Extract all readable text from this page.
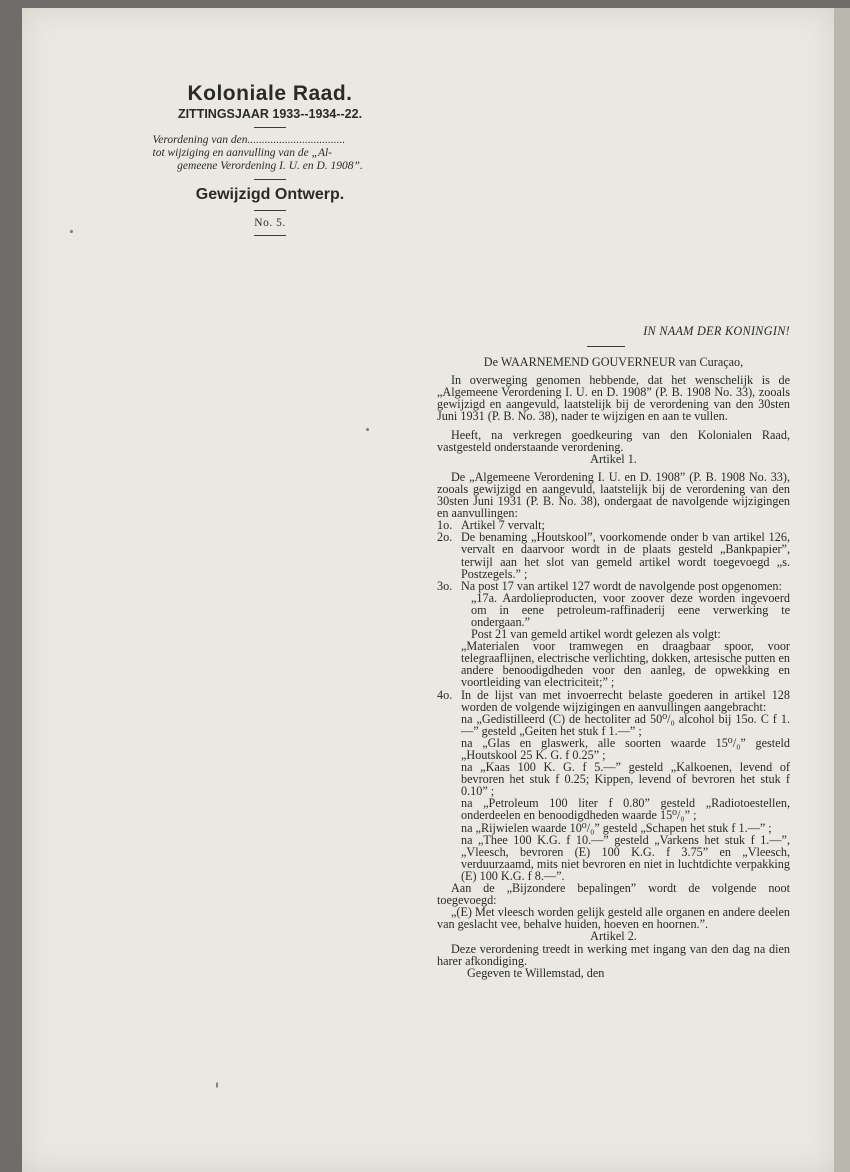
Koloniale Raad.
ZITTINGSJAAR 1933--1934--22.
Verordening van den..................................
tot wijziging en aanvulling van de „Al-
gemeene Verordening I. U. en D. 1908”.
Gewijzigd Ontwerp.
No. 5.

IN NAAM DER KONINGIN!

De WAARNEMEND GOUVERNEUR van Curaçao,

In overweging genomen hebbende, dat het wenschelijk is de „Algemeene Verordening I. U. en D. 1908” (P. B. 1908 No. 33), zooals gewijzigd en aangevuld, laatstelijk bij de verordening van den 30sten Juni 1931 (P. B. No. 38), nader te wijzigen en aan te vullen.

Heeft, na verkregen goedkeuring van den Kolonialen Raad, vastgesteld onderstaande verordening.

Artikel 1.

De „Algemeene Verordening I. U. en D. 1908” (P. B. 1908 No. 33), zooals gewijzigd en aangevuld, laatstelijk bij de verordening van den 30sten Juni 1931 (P. B. No. 38), ondergaat de navolgende wijzigingen en aanvullingen:

1o. Artikel 7 vervalt;
2o. De benaming „Houtskool”, voorkomende onder b van artikel 126, vervalt en daarvoor wordt in de plaats gesteld „Bankpapier”, terwijl aan het slot van gemeld artikel wordt toegevoegd „s. Postzegels.” ;
3o. Na post 17 van artikel 127 wordt de navolgende post opgenomen:

„17a. Aardolieproducten, voor zoover deze worden ingevoerd om in eene petroleum-raffinaderij eene verwerking te ondergaan.”

Post 21 van gemeld artikel wordt gelezen als volgt:

„Materialen voor tramwegen en draagbaar spoor, voor telegraaflijnen, electrische verlichting, dokken, artesische putten en andere benoodigdheden voor den aanleg, de opwekking en voortleiding van electriciteit;” ;

4o. In de lijst van met invoerrecht belaste goederen in artikel 128 worden de volgende wijzigingen en aanvullingen aangebracht:

na „Gedistilleerd (C) de hectoliter ad 50⁰/₀ alcohol bij 15o. C f 1.—” gesteld „Geiten het stuk f 1.—” ;

na „Glas en glaswerk, alle soorten waarde 15⁰/₀” gesteld „Houtskool 25 K. G. f 0.25” ;

na „Kaas 100 K. G. f 5.—” gesteld „Kalkoenen, levend of bevroren het stuk f 0.25; Kippen, levend of bevroren het stuk f 0.10” ;

na „Petroleum 100 liter f 0.80” gesteld „Radiotoestellen, onderdeelen en benoodigdheden waarde 15⁰/₀” ;

na „Rijwielen waarde 10⁰/₀” gesteld „Schapen het stuk f 1.—” ;

na „Thee 100 K.G. f 10.—” gesteld „Varkens het stuk f 1.—”, „Vleesch, bevroren (E) 100 K.G. f 3.75” en „Vleesch, verduurzaamd, mits niet bevroren en niet in luchtdichte verpakking (E) 100 K.G. f 8.—”.

Aan de „Bijzondere bepalingen” wordt de volgende noot toegevoegd:

„(E) Met vleesch worden gelijk gesteld alle organen en andere deelen van geslacht vee, behalve huiden, hoeven en hoornen.”.

Artikel 2.

Deze verordening treedt in werking met ingang van den dag na dien harer afkondiging.

Gegeven te Willemstad, den
